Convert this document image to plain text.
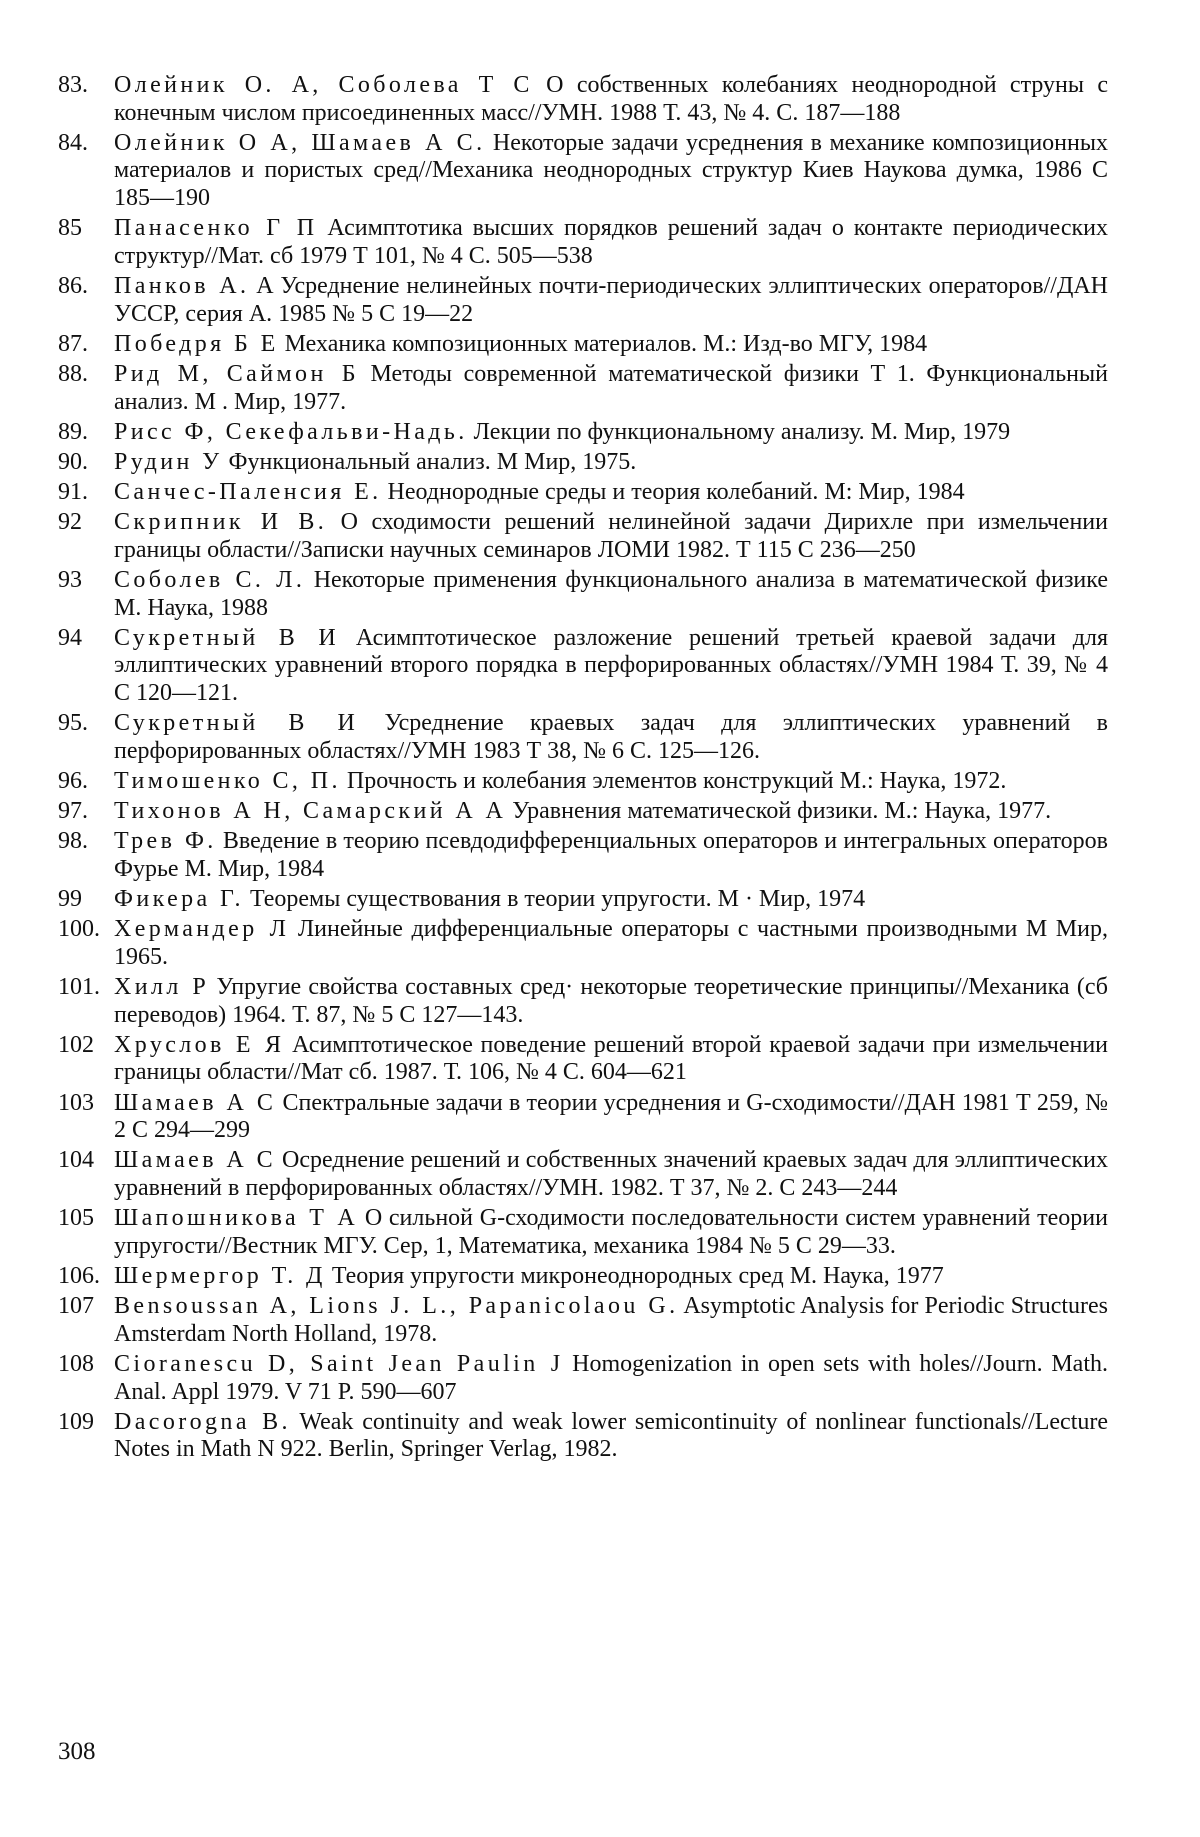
83.	Олейник О. А, Соболева Т С О собственных колебаниях неоднородной струны с конечным числом присоединенных масс//УМН. 1988 Т. 43, № 4. С. 187—188
84.	Олейник О А, Шамаев А С. Некоторые задачи усреднения в механике композиционных материалов и пористых сред//Механика неоднородных структур Киев Наукова думка, 1986 С 185—190
85	Панасенко Г П Асимптотика высших порядков решений задач о контакте периодических структур//Мат. сб 1979 Т 101, № 4 С. 505—538
86.	Панков А. А Усреднение нелинейных почти-периодических эллиптических операторов//ДАН УССР, серия А. 1985 № 5 С 19—22
87.	Победря Б Е Механика композиционных материалов. М.: Изд-во МГУ, 1984
88.	Рид М, Саймон Б Методы современной математической физики Т 1. Функциональный анализ. М . Мир, 1977.
89.	Рисс Ф, Секефальви-Надь. Лекции по функциональному анализу. М. Мир, 1979
90.	Рудин У Функциональный анализ. М Мир, 1975.
91.	Санчес-Паленсия Е. Неоднородные среды и теория колебаний. М: Мир, 1984
92	Скрипник И В. О сходимости решений нелинейной задачи Дирихле при измельчении границы области//Записки научных семинаров ЛОМИ 1982. Т 115 С 236—250
93	Соболев С. Л. Некоторые применения функционального анализа в математической физике М. Наука, 1988
94	Сукретный В И Асимптотическое разложение решений третьей краевой задачи для эллиптических уравнений второго порядка в перфорированных областях//УМН 1984 Т. 39, № 4 С 120—121.
95.	Сукретный В И Усреднение краевых задач для эллиптических уравнений в перфорированных областях//УМН 1983 Т 38, № 6 С. 125—126.
96.	Тимошенко С, П. Прочность и колебания элементов конструкций М.: Наука, 1972.
97.	Тихонов А Н, Самарский А А Уравнения математической физики. М.: Наука, 1977.
98.	Трев Ф. Введение в теорию псевдодифференциальных операторов и интегральных операторов Фурье М. Мир, 1984
99	Фикера Г. Теоремы существования в теории упругости. М · Мир, 1974
100. Хермандер Л Линейные дифференциальные операторы с частными производными М Мир, 1965.
101. Хилл Р Упругие свойства составных сред· некоторые теоретические принципы//Механика (сб переводов) 1964. Т. 87, № 5 С 127—143.
102 Хруслов Е Я Асимптотическое поведение решений второй краевой задачи при измельчении границы области//Мат сб. 1987. Т. 106, № 4 С. 604—621
103 Шамаев А С Спектральные задачи в теории усреднения и G-сходимости//ДАН 1981 Т 259, № 2 С 294—299
104 Шамаев А С Осреднение решений и собственных значений краевых задач для эллиптических уравнений в перфорированных областях//УМН. 1982. Т 37, № 2. С 243—244
105 Шапошникова Т А О сильной G-сходимости последовательности систем уравнений теории упругости//Вестник МГУ. Сер, 1, Математика, механика 1984 № 5 С 29—33.
106. Шермергор Т. Д Теория упругости микронеоднородных сред М. Наука, 1977
107 Bensoussan A, Lions J. L., Papanicolaou G. Asymptotic Analysis for Periodic Structures Amsterdam North Holland, 1978.
108 Cioranescu D, Saint Jean Paulin J Homogenization in open sets with holes//Journ. Math. Anal. Appl 1979. V 71 P. 590—607
109 Dacorogna B. Weak continuity and weak lower semicontinuity of nonlinear functionals//Lecture Notes in Math N 922. Berlin, Springer Verlag, 1982.
308
